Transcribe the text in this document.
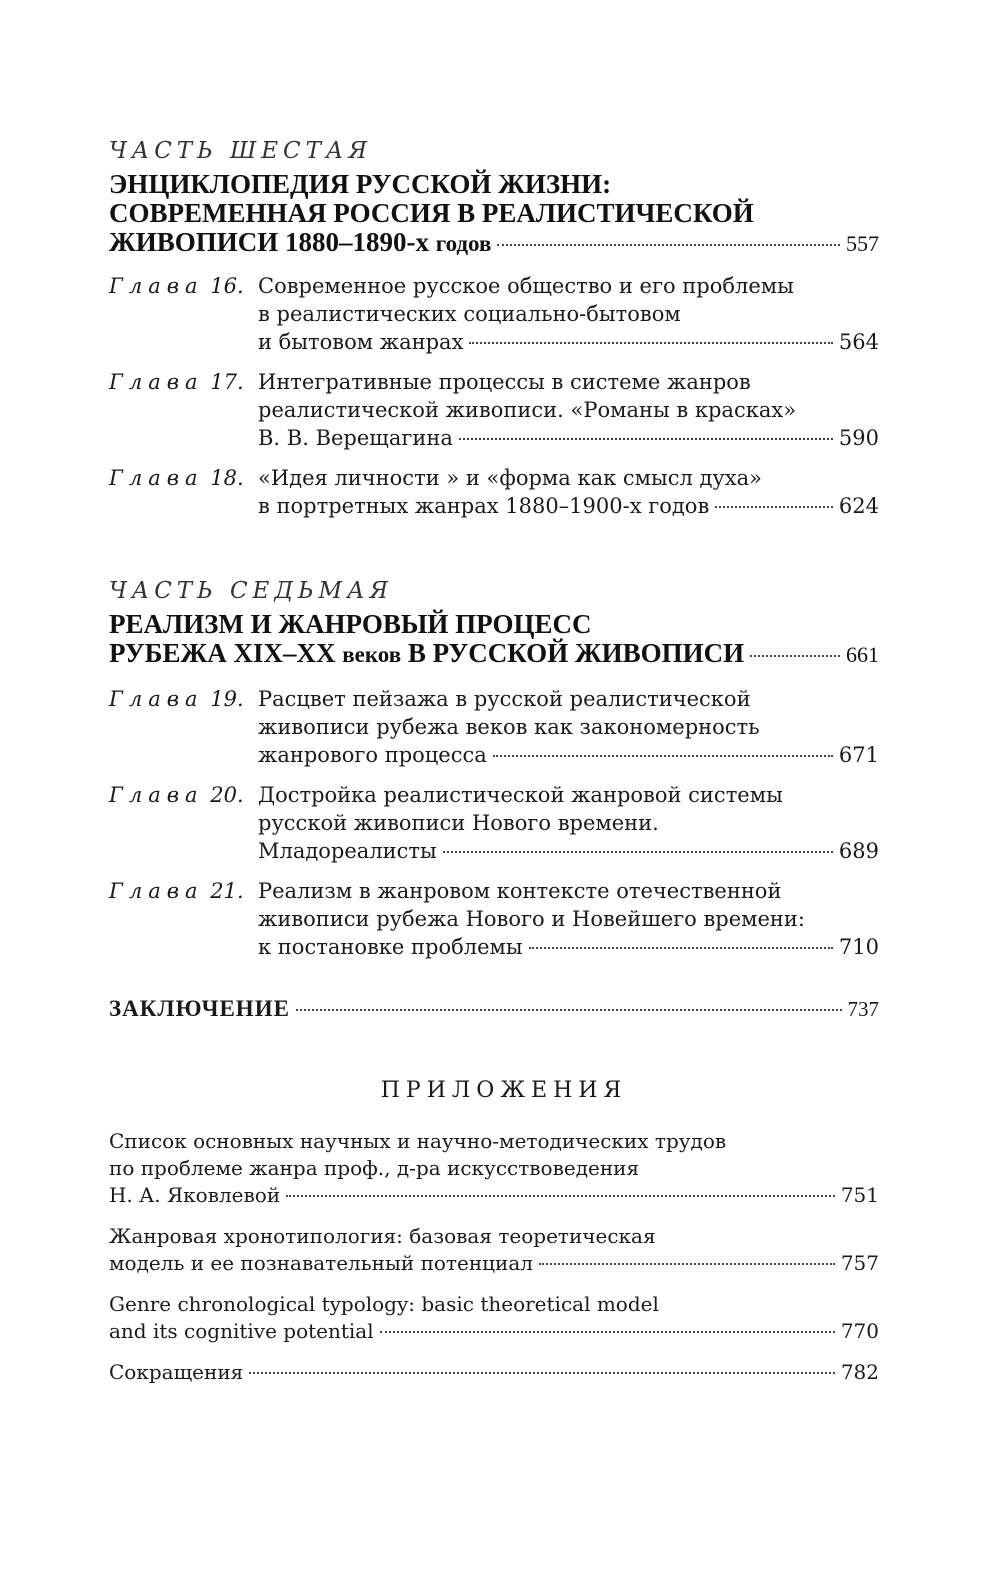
ЧАСТЬ ШЕСТАЯ
ЭНЦИКЛОПЕДИЯ РУССКОЙ ЖИЗНИ:
СОВРЕМЕННАЯ РОССИЯ В РЕАЛИСТИЧЕСКОЙ
ЖИВОПИСИ 1880–1890-х годов	557
Глава 16. Современное русское общество и его проблемы
в реалистических социально-бытовом
и бытовом жанрах	564
Глава 17. Интегративные процессы в системе жанров
реалистической живописи. «Романы в красках»
В. В. Верещагина	590
Глава 18. «Идея личности » и «форма как смысл духа»
в портретных жанрах 1880–1900-х годов	624
ЧАСТЬ СЕДЬМАЯ
РЕАЛИЗМ И ЖАНРОВЫЙ ПРОЦЕСС
РУБЕЖА XIX–XX веков В РУССКОЙ ЖИВОПИСИ	661
Глава 19. Расцвет пейзажа в русской реалистической
живописи рубежа веков как закономерность
жанрового процесса	671
Глава 20. Достройка реалистической жанровой системы
русской живописи Нового времени.
Младореалисты	689
Глава 21. Реализм в жанровом контексте отечественной
живописи рубежа Нового и Новейшего времени:
к постановке проблемы	710
ЗАКЛЮЧЕНИЕ	737
ПРИЛОЖЕНИЯ
Список основных научных и научно-методических трудов
по проблеме жанра проф., д-ра искусствоведения
Н. А. Яковлевой	751
Жанровая хронотипология: базовая теоретическая
модель и ее познавательный потенциал	757
Genre chronological typology: basic theoretical model
and its cognitive potential	770
Сокращения	782
